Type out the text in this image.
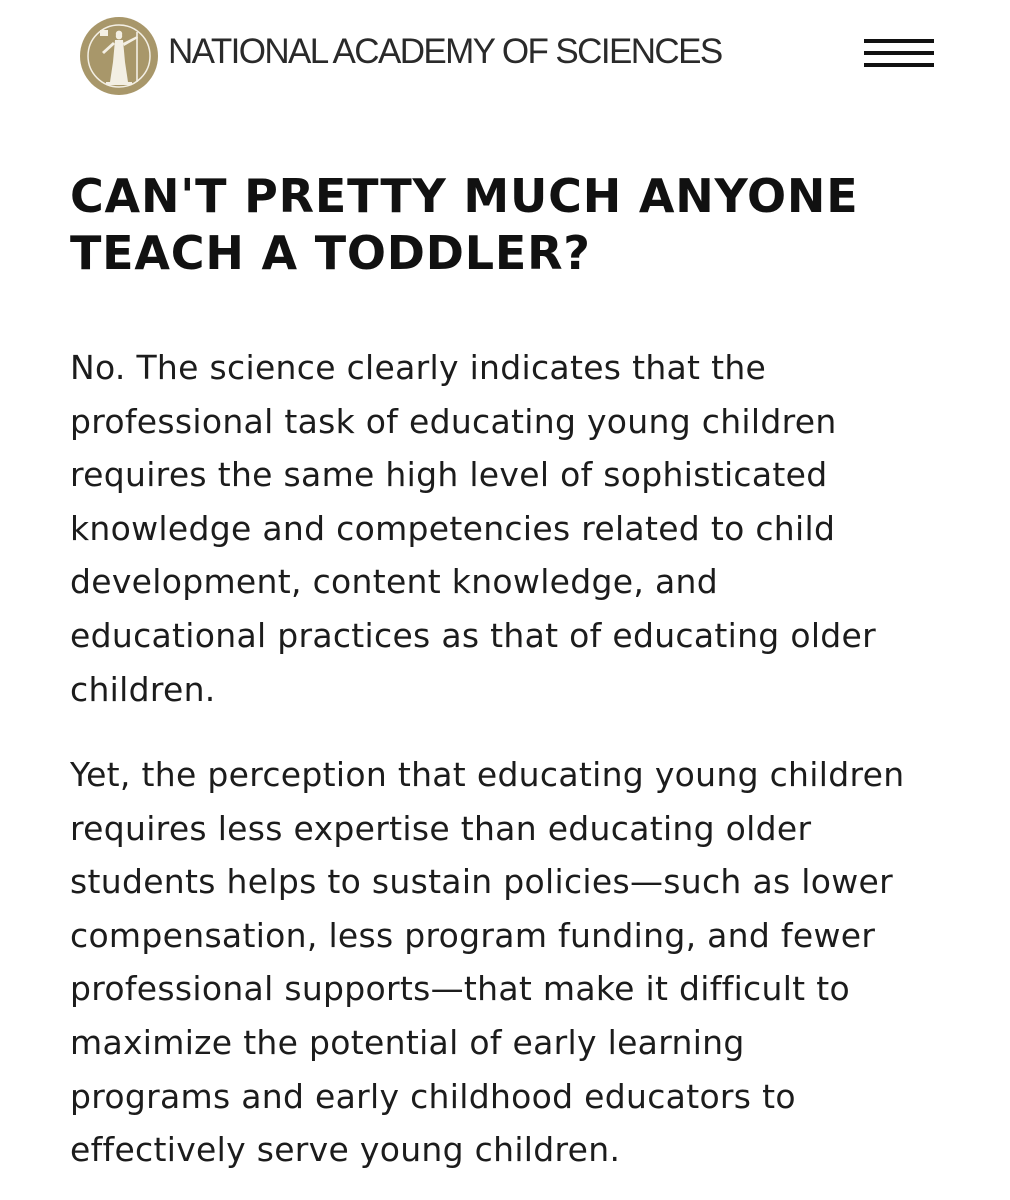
NATIONAL ACADEMY OF SCIENCES
CAN'T PRETTY MUCH ANYONE
TEACH A TODDLER?

No. The science clearly indicates that the
professional task of educating young children
requires the same high level of sophisticated
knowledge and competencies related to child
development, content knowledge, and
educational practices as that of educating older
children.

Yet, the perception that educating young children
requires less expertise than educating older
students helps to sustain policies—such as lower
compensation, less program funding, and fewer
professional supports—that make it difficult to
maximize the potential of early learning
programs and early childhood educators to
effectively serve young children.
